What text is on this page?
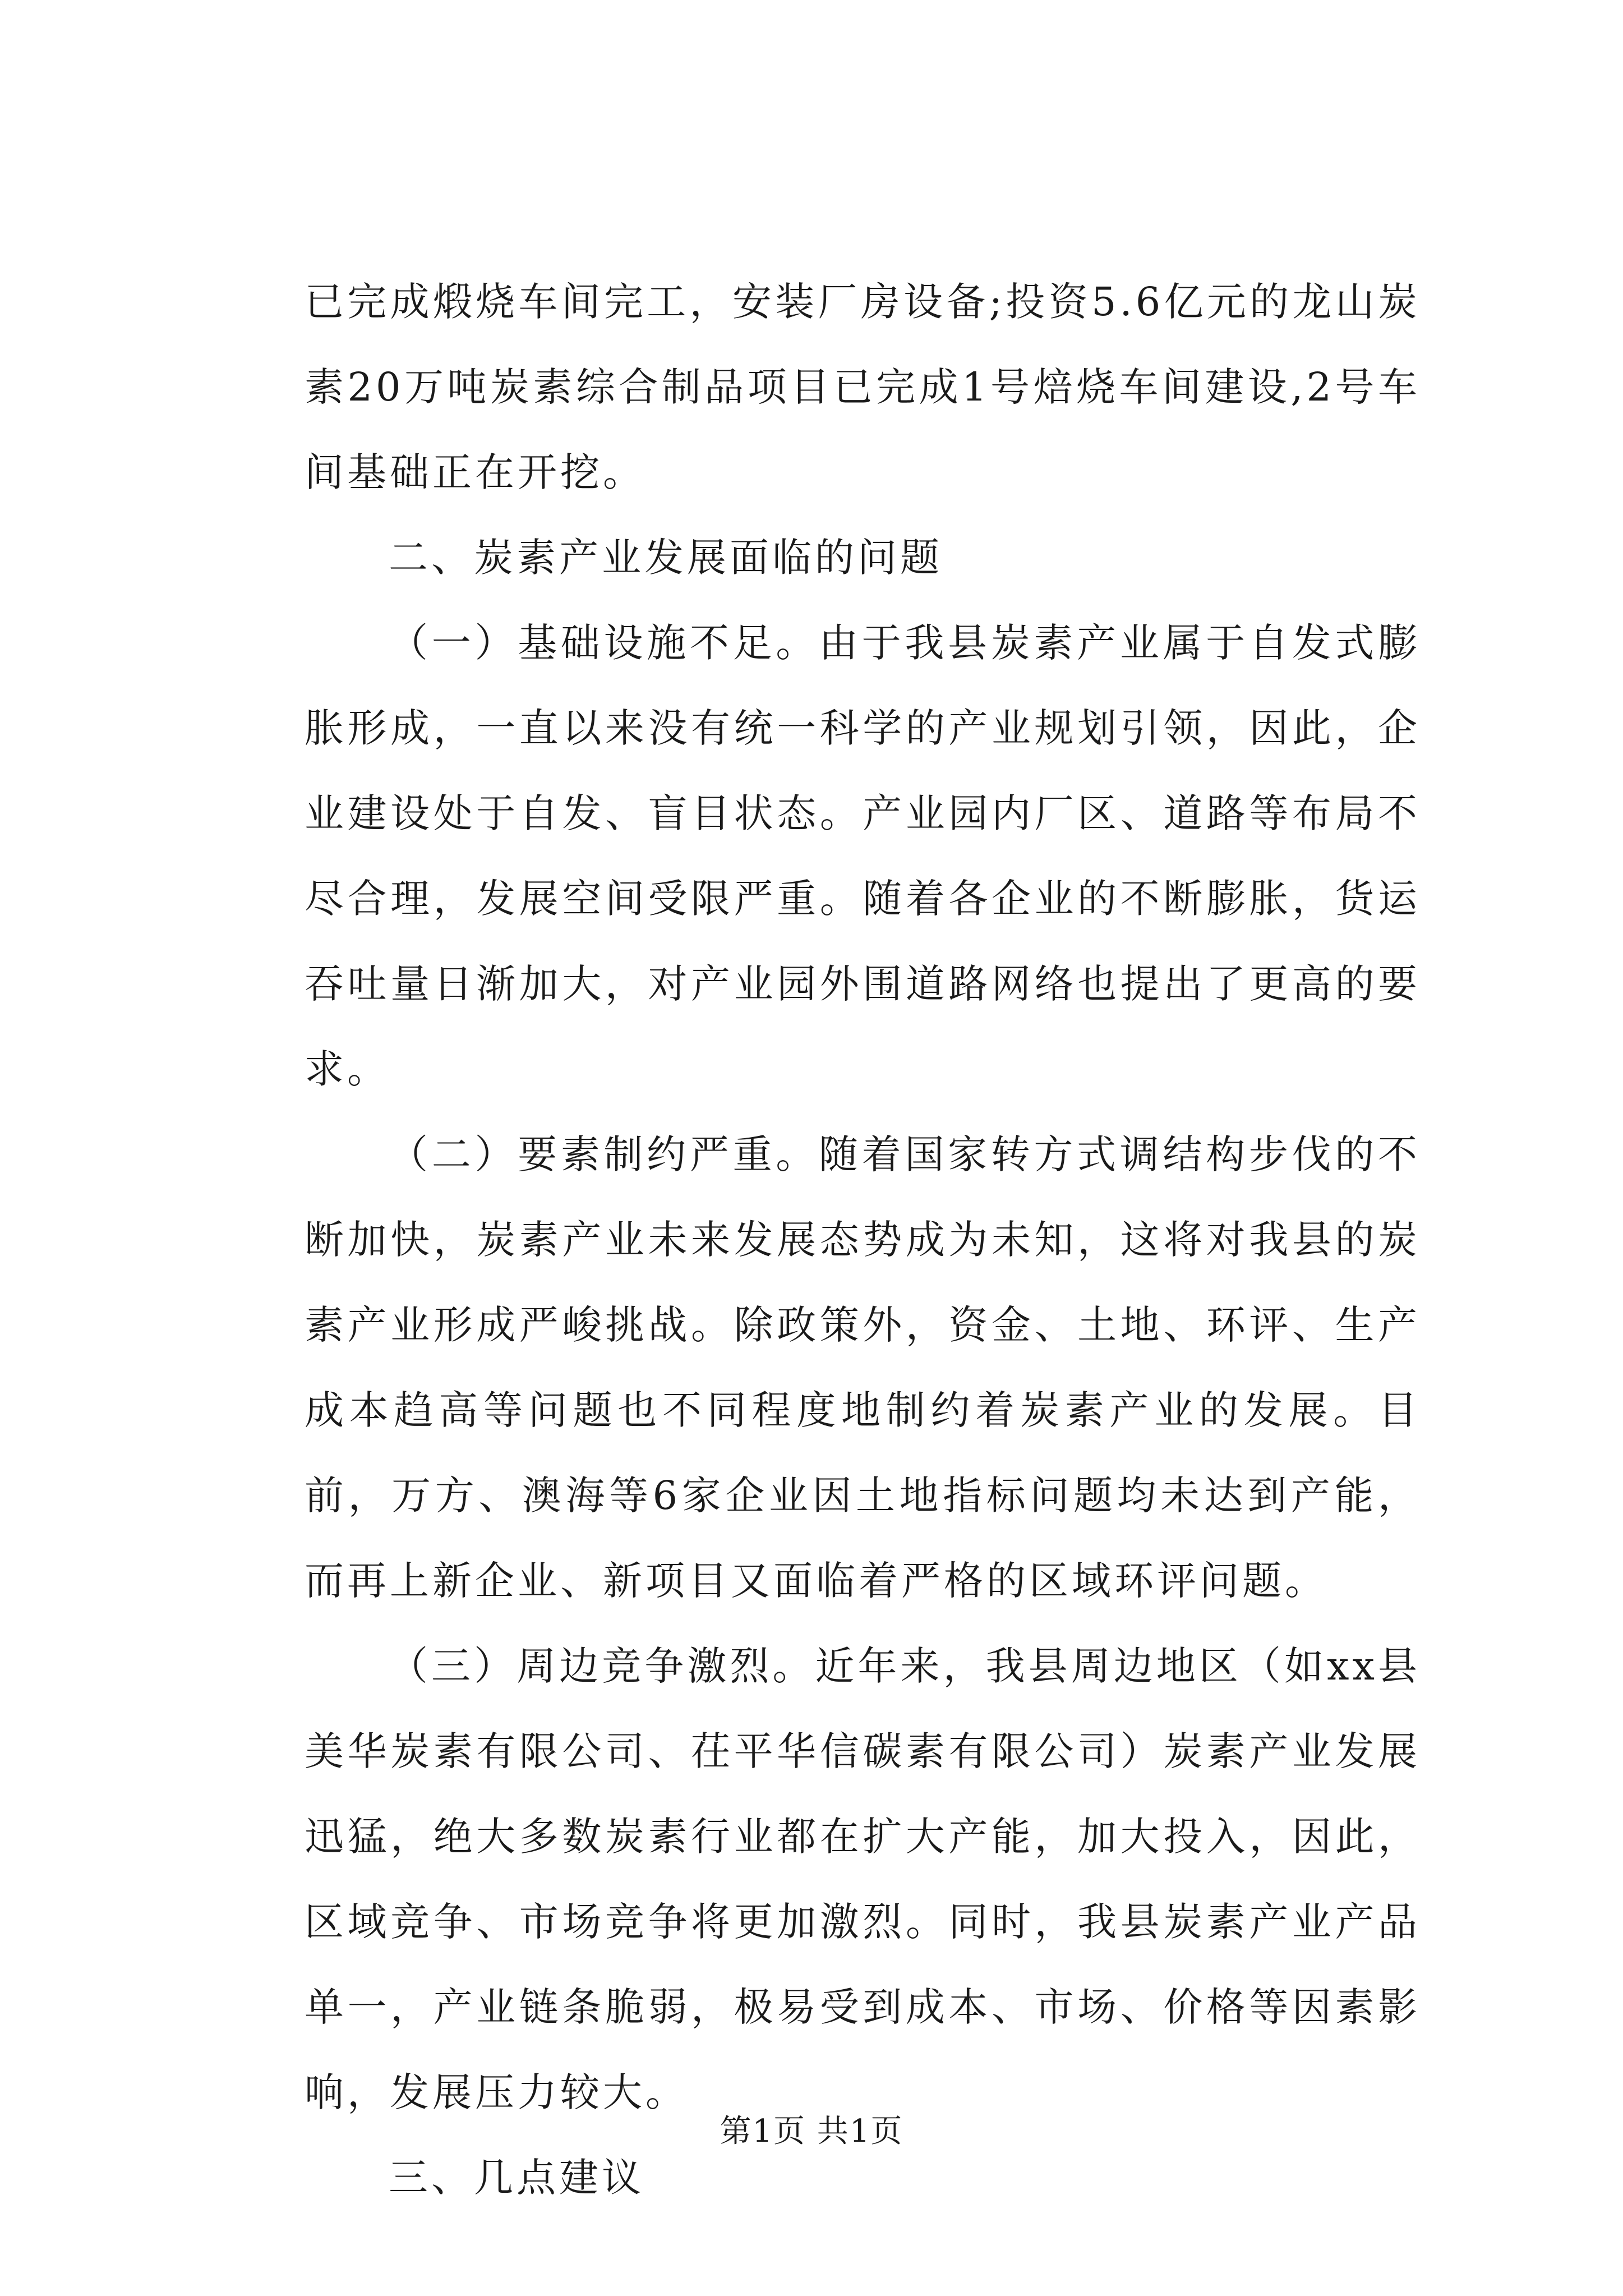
已完成煅烧车间完工，安装厂房设备;投资5.6亿元的龙山炭素20万吨炭素综合制品项目已完成1号焙烧车间建设,2号车间基础正在开挖。

二、炭素产业发展面临的问题

（一）基础设施不足。由于我县炭素产业属于自发式膨胀形成，一直以来没有统一科学的产业规划引领，因此，企业建设处于自发、盲目状态。产业园内厂区、道路等布局不尽合理，发展空间受限严重。随着各企业的不断膨胀，货运吞吐量日渐加大，对产业园外围道路网络也提出了更高的要求。

（二）要素制约严重。随着国家转方式调结构步伐的不断加快，炭素产业未来发展态势成为未知，这将对我县的炭素产业形成严峻挑战。除政策外，资金、土地、环评、生产成本趋高等问题也不同程度地制约着炭素产业的发展。目前，万方、澳海等6家企业因土地指标问题均未达到产能，而再上新企业、新项目又面临着严格的区域环评问题。

（三）周边竞争激烈。近年来，我县周边地区（如xx县美华炭素有限公司、茌平华信碳素有限公司）炭素产业发展迅猛，绝大多数炭素行业都在扩大产能，加大投入，因此，区域竞争、市场竞争将更加激烈。同时，我县炭素产业产品单一，产业链条脆弱，极易受到成本、市场、价格等因素影响，发展压力较大。

三、几点建议

第1页 共1页
